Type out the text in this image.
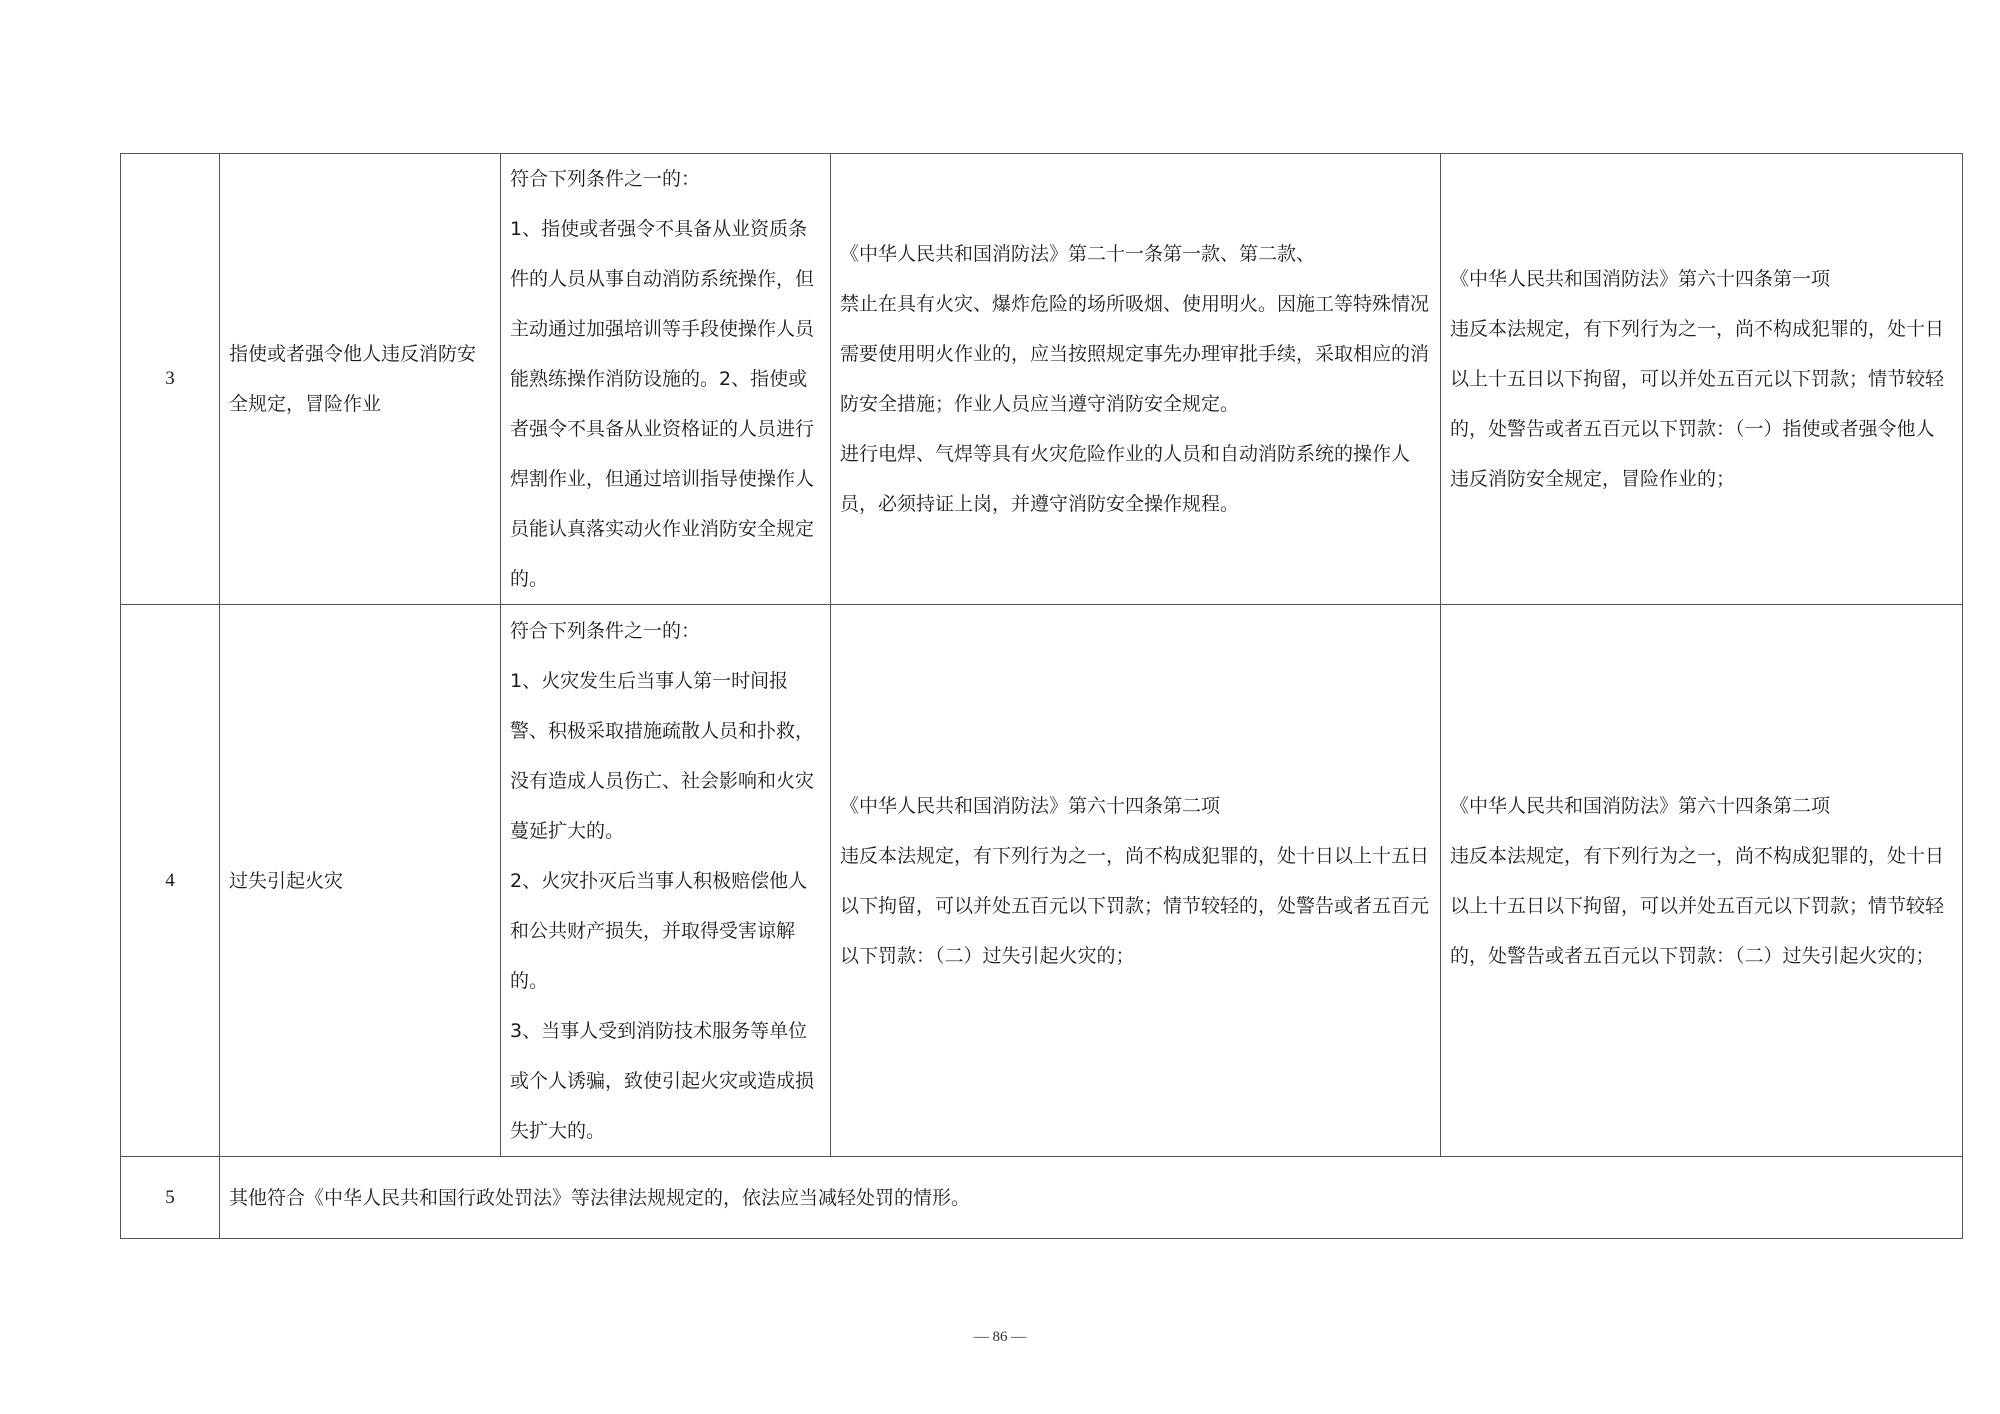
3	指使或者强令他人违反消防安全规定，冒险作业	符合下列条件之一的：
1、指使或者强令不具备从业资质条件的人员从事自动消防系统操作，但主动通过加强培训等手段使操作人员能熟练操作消防设施的。2、指使或者强令不具备从业资格证的人员进行焊割作业，但通过培训指导使操作人员能认真落实动火作业消防安全规定的。	《中华人民共和国消防法》第二十一条第一款、第二款、
禁止在具有火灾、爆炸危险的场所吸烟、使用明火。因施工等特殊情况需要使用明火作业的，应当按照规定事先办理审批手续，采取相应的消防安全措施；作业人员应当遵守消防安全规定。
进行电焊、气焊等具有火灾危险作业的人员和自动消防系统的操作人员，必须持证上岗，并遵守消防安全操作规程。	《中华人民共和国消防法》第六十四条第一项
违反本法规定，有下列行为之一，尚不构成犯罪的，处十日以上十五日以下拘留，可以并处五百元以下罚款；情节较轻的，处警告或者五百元以下罚款：（一）指使或者强令他人违反消防安全规定，冒险作业的；

4	过失引起火灾	符合下列条件之一的：
1、火灾发生后当事人第一时间报警、积极采取措施疏散人员和扑救，没有造成人员伤亡、社会影响和火灾蔓延扩大的。
2、火灾扑灭后当事人积极赔偿他人和公共财产损失，并取得受害谅解的。
3、当事人受到消防技术服务等单位或个人诱骗，致使引起火灾或造成损失扩大的。	《中华人民共和国消防法》第六十四条第二项
违反本法规定，有下列行为之一，尚不构成犯罪的，处十日以上十五日以下拘留，可以并处五百元以下罚款；情节较轻的，处警告或者五百元以下罚款：（二）过失引起火灾的；	《中华人民共和国消防法》第六十四条第二项
违反本法规定，有下列行为之一，尚不构成犯罪的，处十日以上十五日以下拘留，可以并处五百元以下罚款；情节较轻的，处警告或者五百元以下罚款：（二）过失引起火灾的；

5	其他符合《中华人民共和国行政处罚法》等法律法规规定的，依法应当减轻处罚的情形。			
— 86 —
